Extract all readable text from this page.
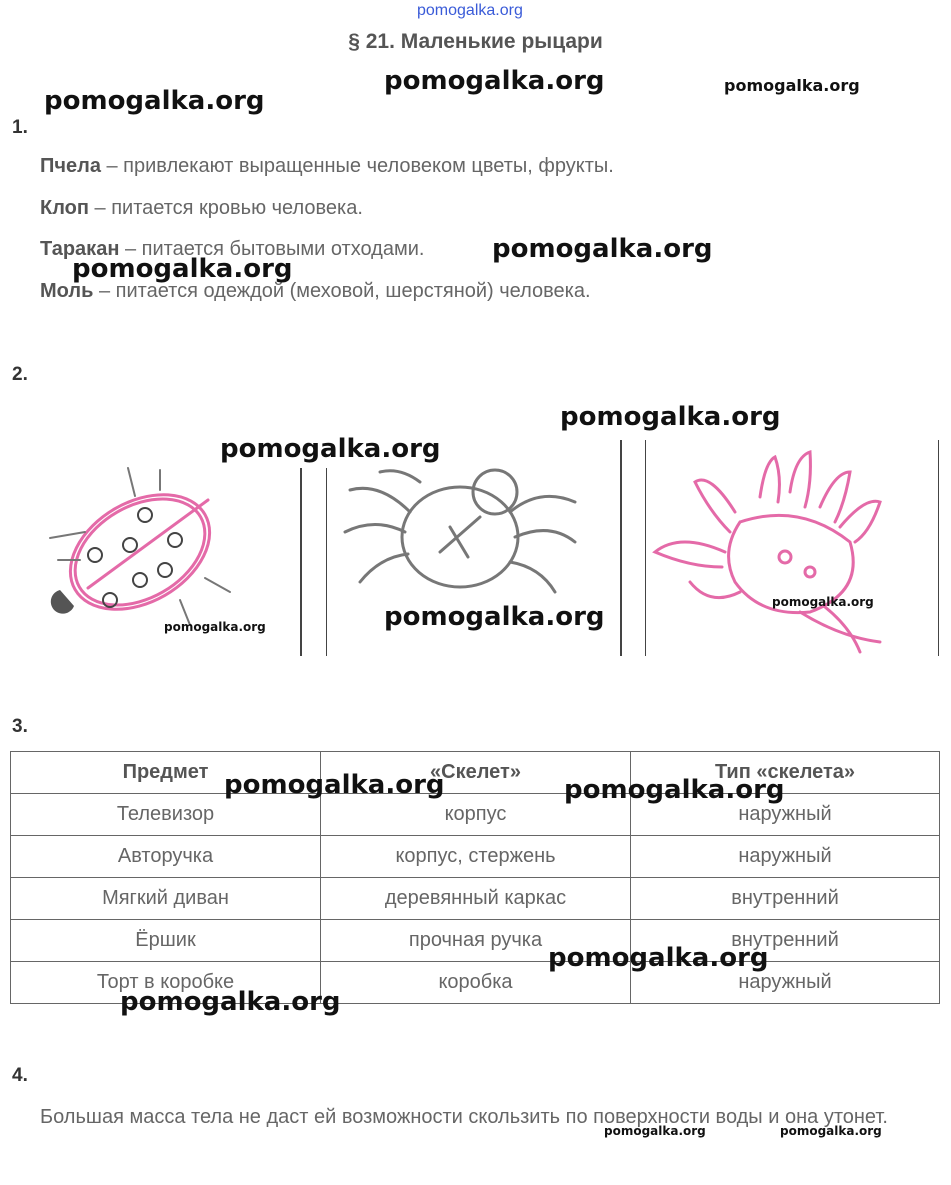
pomogalka.org
§ 21. Маленькие рыцари
1.
Пчела – привлекают выращенные человеком цветы, фрукты.
Клоп – питается кровью человека.
Таракан – питается бытовыми отходами.
Моль – питается одеждой (меховой, шерстяной) человека.
2.
3.
Предмет	«Скелет»	Тип «скелета»
Телевизор	корпус	наружный
Авторучка	корпус, стержень	наружный
Мягкий диван	деревянный каркас	внутренний
Ёршик	прочная ручка	внутренний
Торт в коробке	коробка	наружный
4.
Большая масса тела не даст ей возможности скользить по поверхности воды и она утонет.
pomogalka.org	pomogalka.org
pomogalka.org
pomogalka.org
pomogalka.org
pomogalka.org
pomogalka.org
pomogalka.org
pomogalka.org
pomogalka.org
pomogalka.org	pomogalka.org
pomogalka.org
pomogalka.org
pomogalka.org	pomogalka.org
